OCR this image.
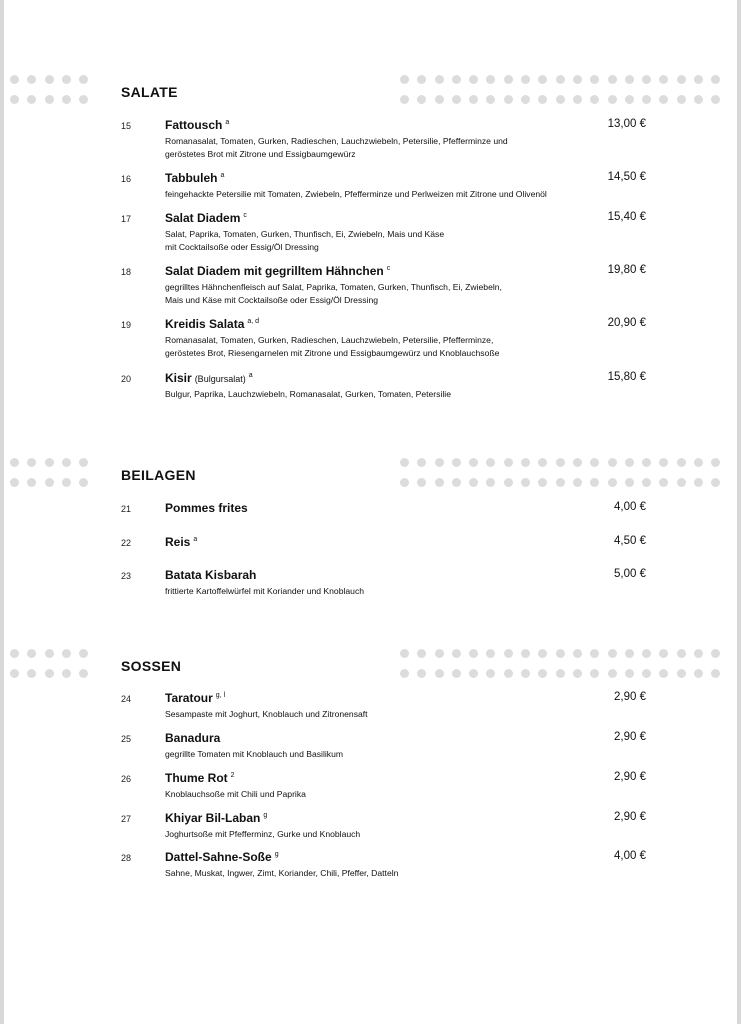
SALATE
15	Fattousch $^a$	13,00 €
Romanasalat, Tomaten, Gurken, Radieschen, Lauchzwiebeln, Petersilie, Pfefferminze und
geröstetes Brot mit Zitrone und Essigbaumgewürz
16	Tabbuleh $^a$	14,50 €
feingehackte Petersilie mit Tomaten, Zwiebeln, Pfefferminze und Perlweizen mit Zitrone und Olivenöl
17	Salat Diadem $^c$	15,40 €
Salat, Paprika, Tomaten, Gurken, Thunfisch, Ei, Zwiebeln, Mais und Käse
mit Cocktailsoße oder Essig/Öl Dressing
18	Salat Diadem mit gegrilltem Hähnchen $^c$	19,80 €
gegrilltes Hähnchenfleisch auf Salat, Paprika, Tomaten, Gurken, Thunfisch, Ei, Zwiebeln,
Mais und Käse mit Cocktailsoße oder Essig/Öl Dressing
19	Kreidis Salata $^{a, d}$	20,90 €
Romanasalat, Tomaten, Gurken, Radieschen, Lauchzwiebeln, Petersilie, Pfefferminze,
geröstetes Brot, Riesengarnelen mit Zitrone und Essigbaumgewürz und Knoblauchsoße
20	Kisir (Bulgursalat) $^a$	15,80 €
Bulgur, Paprika, Lauchzwiebeln, Romanasalat, Gurken, Tomaten, Petersilie
BEILAGEN
21	Pommes frites	4,00 €
22	Reis $^a$	4,50 €
23	Batata Kisbarah	5,00 €
frittierte Kartoffelwürfel mit Koriander und Knoblauch
SOSSEN
24	Taratour $^{g, l}$	2,90 €
Sesampaste mit Joghurt, Knoblauch und Zitronensaft
25	Banadura	2,90 €
gegrillte Tomaten mit Knoblauch und Basilikum
26	Thume Rot $^2$	2,90 €
Knoblauchsoße mit Chili und Paprika
27	Khiyar Bil-Laban $^g$	2,90 €
Joghurtsoße mit Pfefferminz, Gurke und Knoblauch
28	Dattel-Sahne-Soße $^g$	4,00 €
Sahne, Muskat, Ingwer, Zimt, Koriander, Chili, Pfeffer, Datteln
